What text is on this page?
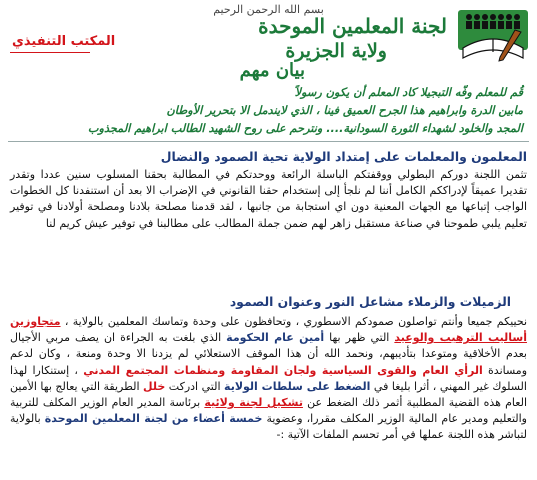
بسم الله الرحمن الرحيم
لجنة المعلمين الموحدة
ولاية الجزيرة
المكتب التنفيذي
بيان مهم
قُم للمعلم وفّه التبجيلا كاد المعلم أن يكون رسولاً
مابين الدرة وابراهيم هذا الجرح العميق فينا ، الذي لايندمل الا بتحرير الأوطان
المجد والخلود لشهداء الثورة السودانية.... ونترحم على روح الشهيد الطالب ابراهيم المجذوب
المعلمون والمعلمات على إمتداد الولاية تحية الصمود والنضال
تثمن اللجنة دوركم البطولي ووقفتكم الباسلة الرائعة ووحدتكم في المطالبة بحقنا المسلوب سنين عددا وتقدر تقديرا عميقاً لإدراككم الكامل أننا لم نلجأ إلى إستخدام حقنا القانوني في الإضراب الا بعد أن استنفدنا كل الخطوات الواجب إتباعها مع الجهات المعنية دون اي استجابة من جانبها ، لقد قدمنا مصلحة بلادنا ومصلحة أولادنا في توفير تعليم يلبي طموحنا في صناعة مستقبل زاهر لهم ضمن جملة المطالب على مطالبنا في توفير عيش كريم لنا
الزميلات والزملاء مشاعل النور وعنوان الصمود
نحييكم جميعا وأنتم تواصلون صمودكم الاسطوري ، وتحافظون على وحدة وتماسك المعلمين بالولاية ، متجاوزين أساليب الترهيب والوعيد التي ظهر بها أمين عام الحكومة الذي بلغت به الجراءة ان يصف مربي الأجيال بعدم الأخلاقية ومتوعدا بتأديبهم، ونحمد الله أن هذا الموقف الاستعلائي لم يزدنا الا وحدة ومنعة ، وكان لدعم ومساندة الرأي العام والقوى السياسية ولجان المقاومة ومنظمات المجتمع المدني ، إستنكارا لهذا السلوك غير المهني ، أثرا بليغا في الضغط على سلطات الولاية التي ادركت خلل الطريقة التي يعالج بها الأمين العام هذه القضية المطلبية أثمر ذلك الضغط عن تشكيل لجنة ولائية برئاسة المدير العام الوزير المكلف للتربية والتعليم ومدير عام المالية الوزير المكلف مقررا، وعضوية خمسة أعضاء من لجنة المعلمين الموحدة بالولاية لتباشر هذه اللجنة عملها في أمر تحسم الملفات الآتية :-
